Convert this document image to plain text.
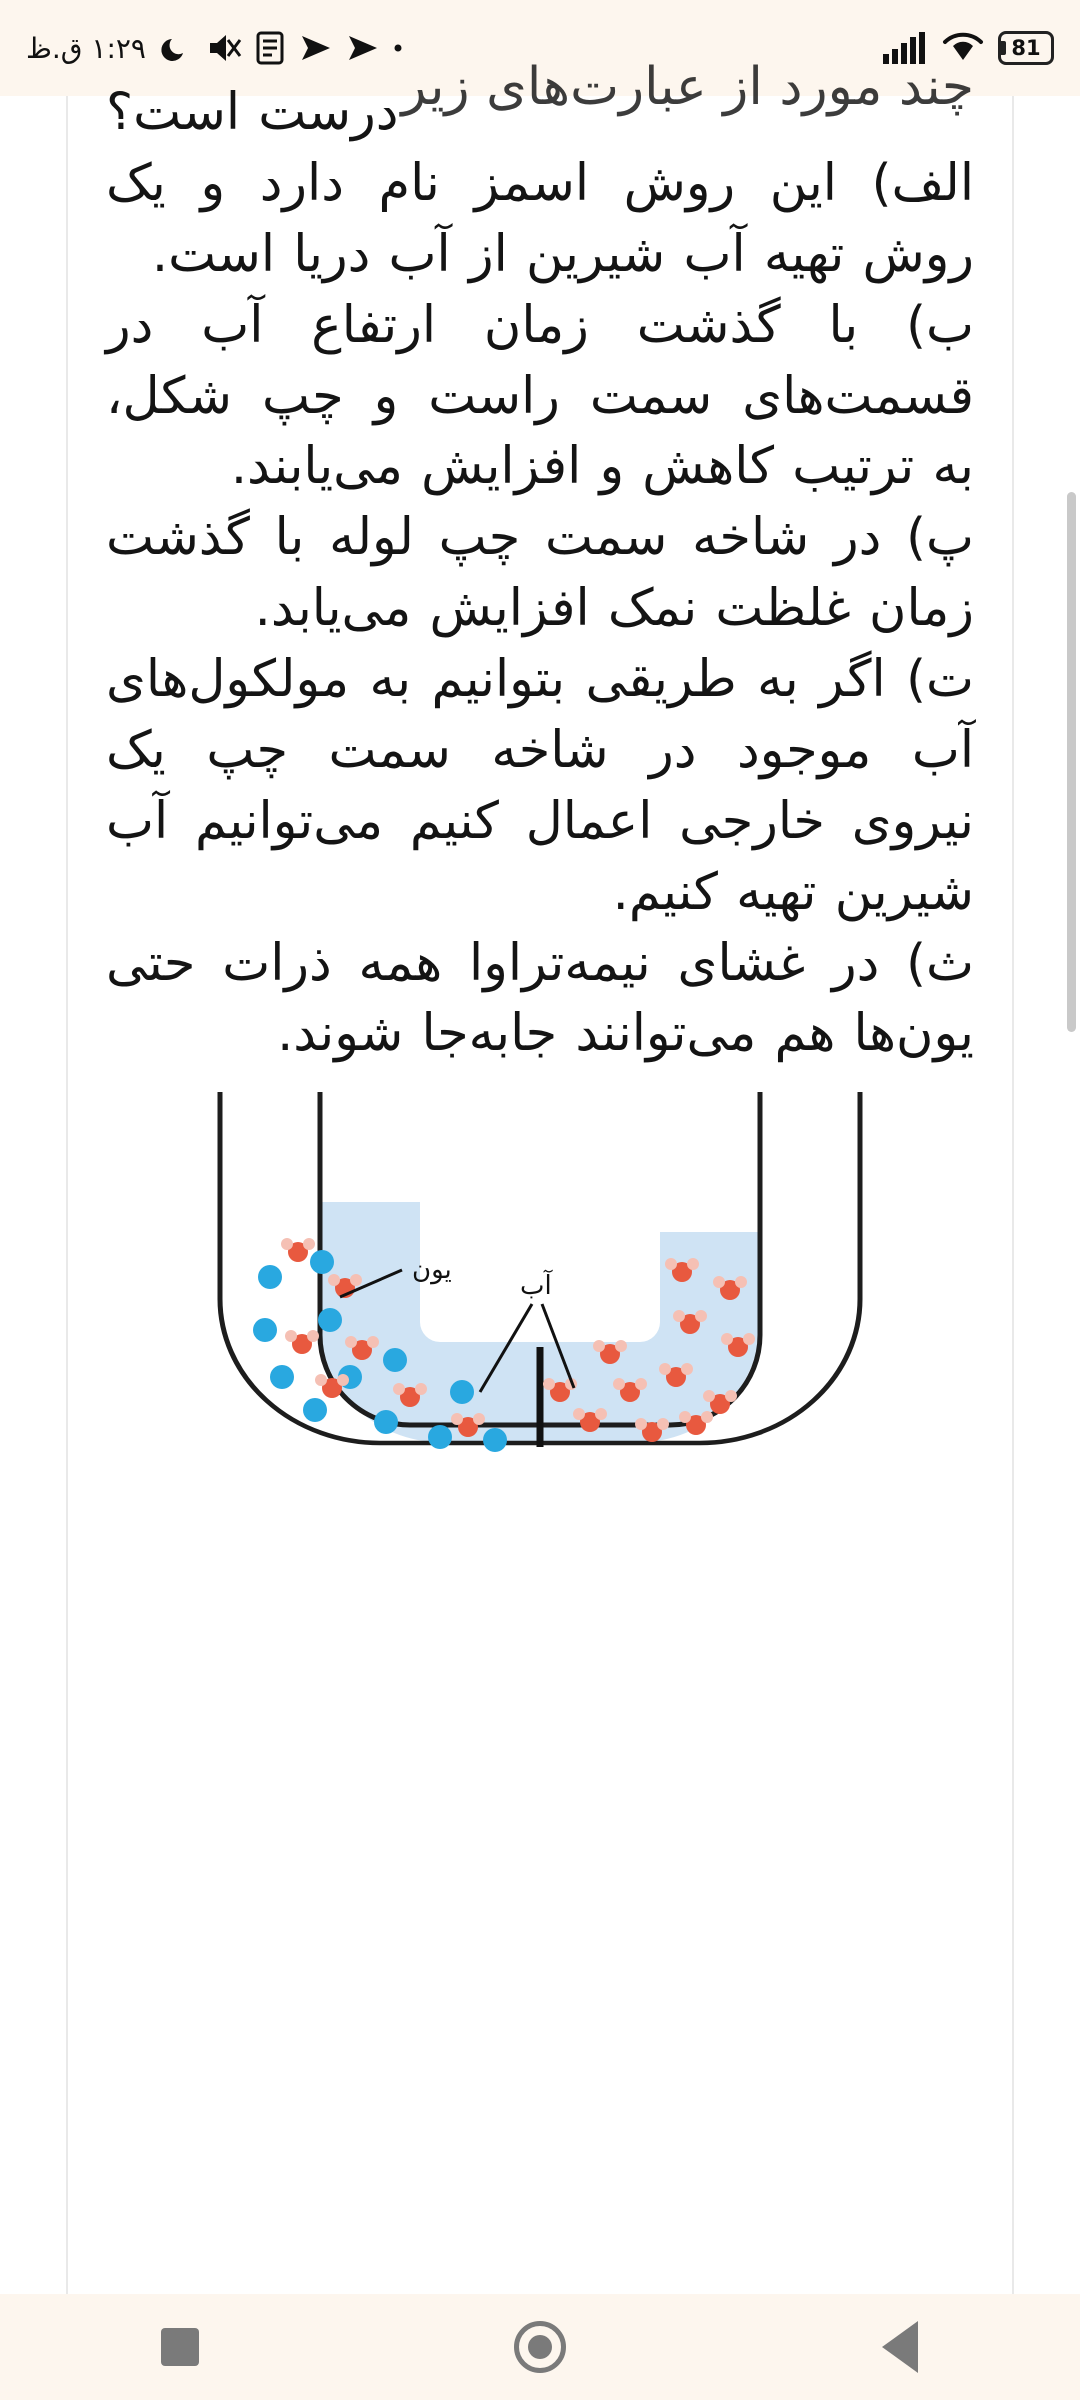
81
۱:۲۹ ق.ظ
چند مورد از عبارت‌های زیر

درست است؟

الف) این روش اسمز نام دارد و یک روش تهیه آب شیرین از آب دریا است.

ب) با گذشت زمان ارتفاع آب در قسمت‌های سمت راست و چپ شکل، به ترتیب کاهش و افزایش می‌یابند.

پ) در شاخه سمت چپ لوله با گذشت زمان غلظت نمک افزایش می‌یابد.

ت) اگر به طریقی بتوانیم به مولکول‌های آب موجود در شاخه سمت چپ یک نیروی خارجی اعمال کنیم می‌توانیم آب شیرین تهیه کنیم.

ث) در غشای نیمه‌تراوا همه ذرات حتی یون‌ها هم می‌توانند جابه‌جا شوند.

یون
آب
